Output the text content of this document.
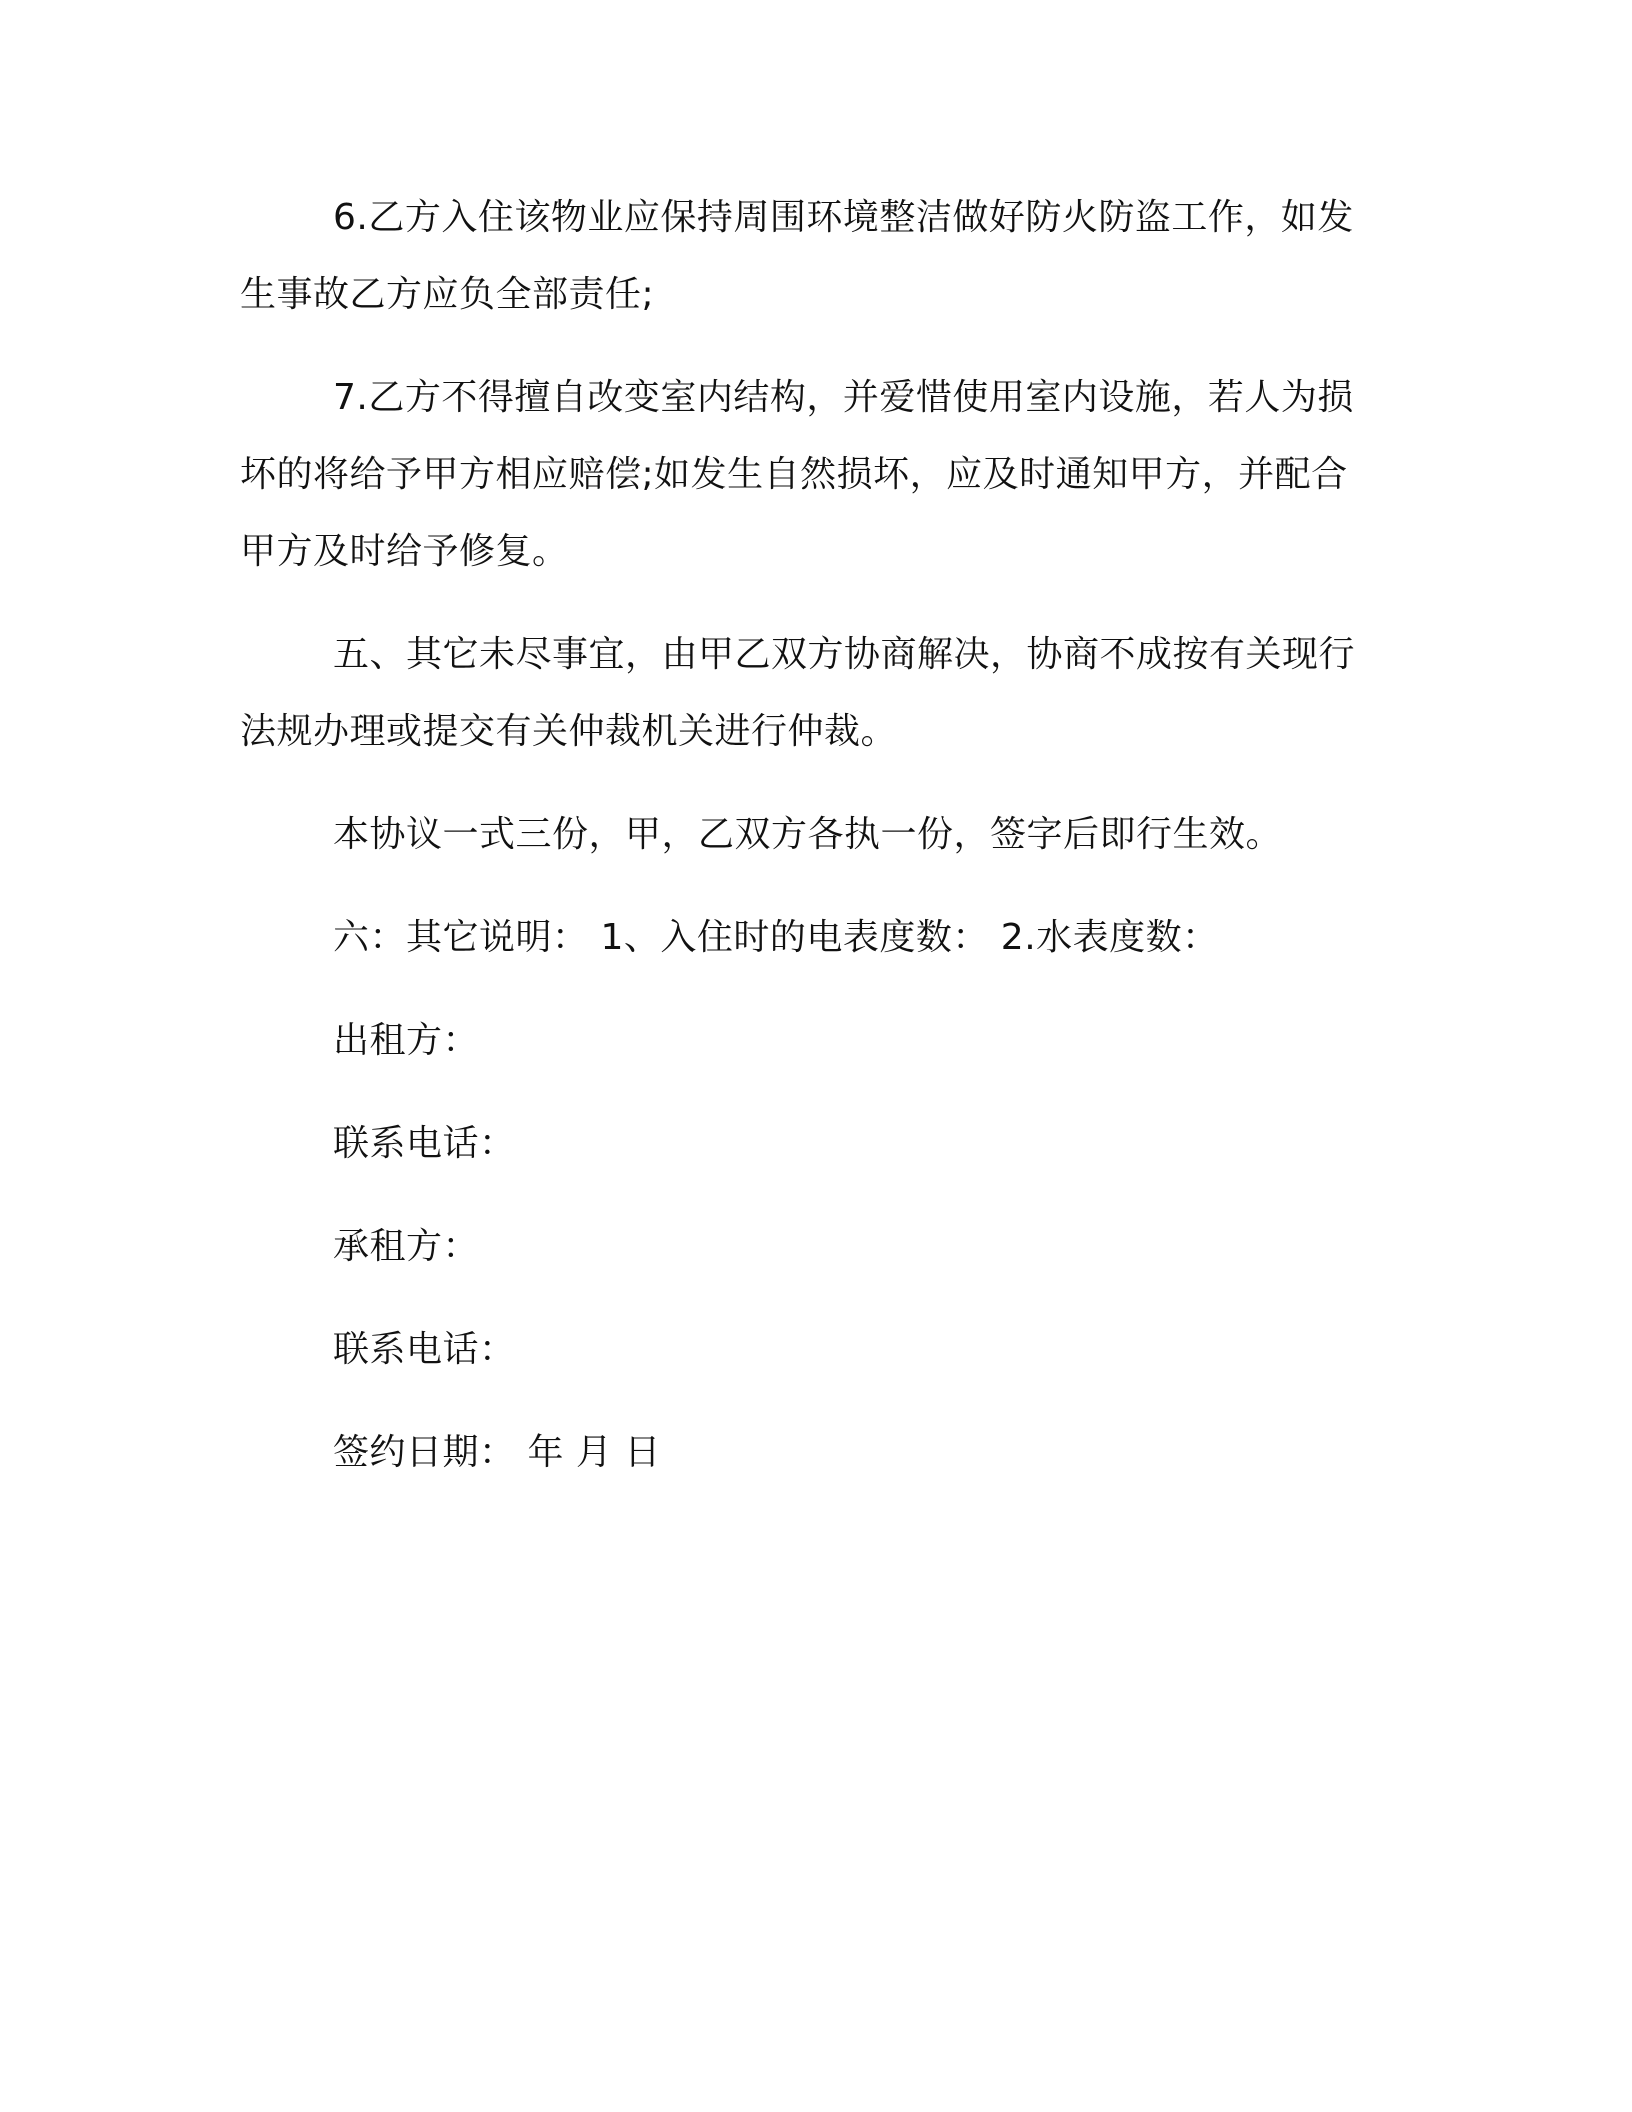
6.乙方入住该物业应保持周围环境整洁做好防火防盗工作，如发
生事故乙方应负全部责任;
7.乙方不得擅自改变室内结构，并爱惜使用室内设施，若人为损
坏的将给予甲方相应赔偿;如发生自然损坏，应及时通知甲方，并配合
甲方及时给予修复。
五、其它未尽事宜，由甲乙双方协商解决，协商不成按有关现行
法规办理或提交有关仲裁机关进行仲裁。
本协议一式三份，甲，乙双方各执一份，签字后即行生效。
六：其它说明： 1、入住时的电表度数： 2.水表度数：
出租方：
联系电话：
承租方：
联系电话：
签约日期： 年 月 日
